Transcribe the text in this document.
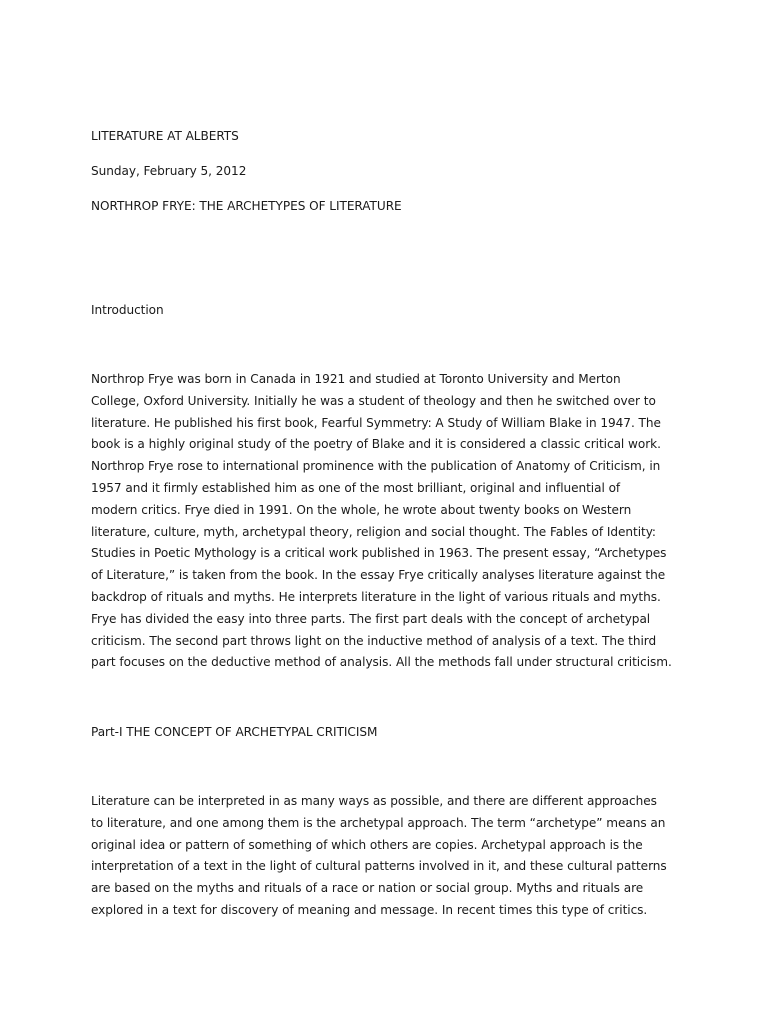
LITERATURE AT ALBERTS
Sunday, February 5, 2012
NORTHROP FRYE: THE ARCHETYPES OF LITERATURE
Introduction
Northrop Frye was born in Canada in 1921 and studied at Toronto University and Merton
College, Oxford University. Initially he was a student of theology and then he switched over to
literature. He published his first book, Fearful Symmetry: A Study of William Blake in 1947. The
book is a highly original study of the poetry of Blake and it is considered a classic critical work.
Northrop Frye rose to international prominence with the publication of Anatomy of Criticism, in
1957 and it firmly established him as one of the most brilliant, original and influential of
modern critics. Frye died in 1991. On the whole, he wrote about twenty books on Western
literature, culture, myth, archetypal theory, religion and social thought. The Fables of Identity:
Studies in Poetic Mythology is a critical work published in 1963. The present essay, “Archetypes
of Literature,” is taken from the book. In the essay Frye critically analyses literature against the
backdrop of rituals and myths. He interprets literature in the light of various rituals and myths.
Frye has divided the easy into three parts. The first part deals with the concept of archetypal
criticism. The second part throws light on the inductive method of analysis of a text. The third
part focuses on the deductive method of analysis. All the methods fall under structural criticism.
Part-I THE CONCEPT OF ARCHETYPAL CRITICISM
Literature can be interpreted in as many ways as possible, and there are different approaches
to literature, and one among them is the archetypal approach. The term “archetype” means an
original idea or pattern of something of which others are copies. Archetypal approach is the
interpretation of a text in the light of cultural patterns involved in it, and these cultural patterns
are based on the myths and rituals of a race or nation or social group. Myths and rituals are
explored in a text for discovery of meaning and message. In recent times this type of critics.
